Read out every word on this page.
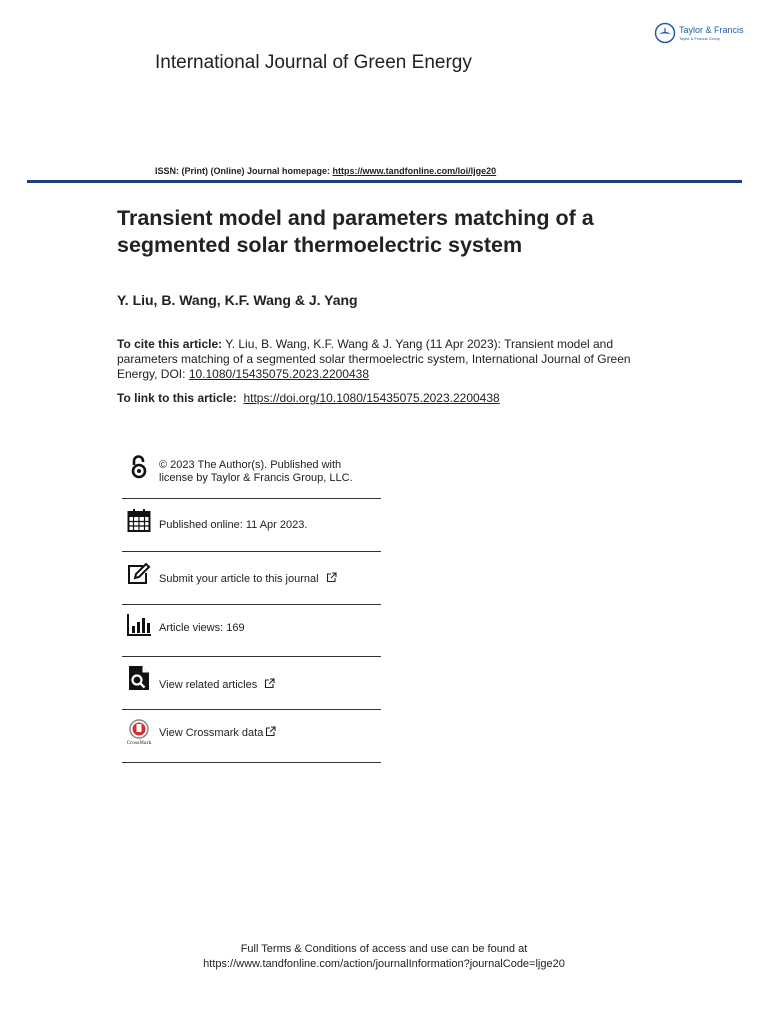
Taylor & Francis
Taylor & Francis Group
International Journal of Green Energy
ISSN: (Print) (Online) Journal homepage: https://www.tandfonline.com/loi/ljge20
Transient model and parameters matching of a segmented solar thermoelectric system
Y. Liu, B. Wang, K.F. Wang & J. Yang
To cite this article: Y. Liu, B. Wang, K.F. Wang & J. Yang (11 Apr 2023): Transient model and parameters matching of a segmented solar thermoelectric system, International Journal of Green Energy, DOI: 10.1080/15435075.2023.2200438
To link to this article: https://doi.org/10.1080/15435075.2023.2200438
© 2023 The Author(s). Published with license by Taylor & Francis Group, LLC.
Published online: 11 Apr 2023.
Submit your article to this journal
Article views: 169
View related articles
CrossMark
View Crossmark data
Full Terms & Conditions of access and use can be found at
https://www.tandfonline.com/action/journalInformation?journalCode=ljge20
